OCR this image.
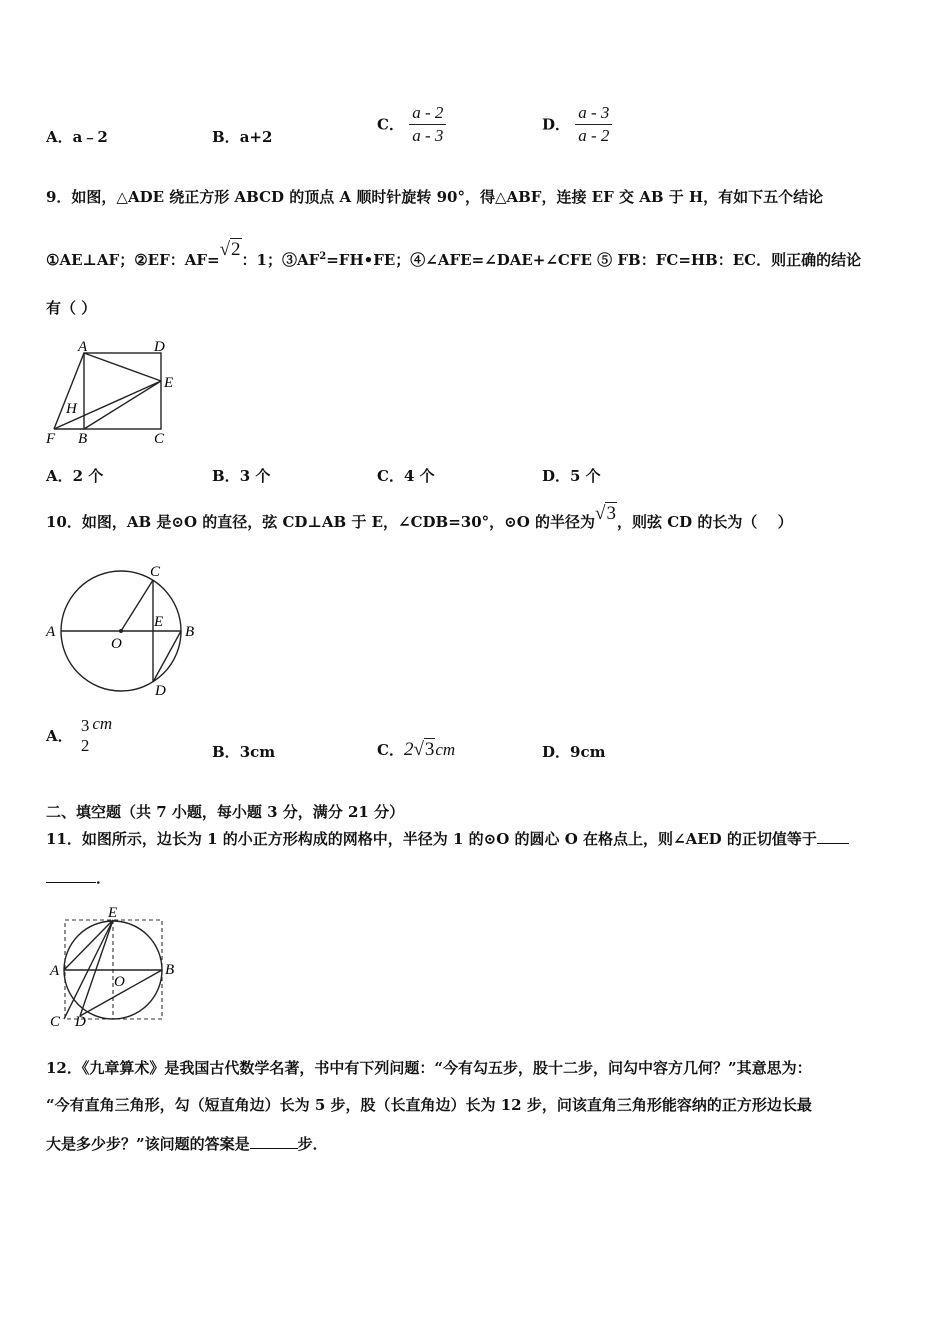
A．a﹣2	B．a+2
C． $\frac{a - 2}{a - 3}$	D． $\frac{a - 3}{a - 2}$
9．如图，△ADE 绕正方形 ABCD 的顶点 A 顺时针旋转 90°，得△ABF，连接 EF 交 AB 于 H，有如下五个结论
①AE⊥AF；②EF：AF=√2：1；$③AF^2=FH•FE$；④∠AFE=∠DAE+∠CFE ⑤ FB：FC=HB：EC．则正确的结论
有（ ）
A	D
E
H
F B	C
A．2 个	B．3 个	C．4 个	D．5 个
10．如图，AB 是⊙O 的直径，弦 CD⊥AB 于 E，∠CDB=30°，⊙O 的半径为√3，则弦 CD 的长为（　 ）
A	B
C
D
E
O
A．
3
2
cm
B．3cm	C．2√3cm	D．9cm
二、填空题（共 7 小题，每小题 3 分，满分 21 分）
11．如图所示，边长为 1 的小正方形构成的网格中，半径为 1 的⊙O 的圆心 O 在格点上，则∠AED 的正切值等于
．
E
A	B
O
C D
12．《九章算术》是我国古代数学名著，书中有下列问题：“今有勾五步，股十二步，问勾中容方几何？”其意思为：
“今有直角三角形，勾（短直角边）长为 5 步，股（长直角边）长为 12 步，问该直角三角形能容纳的正方形边长最
大是多少步？”该问题的答案是	步．
